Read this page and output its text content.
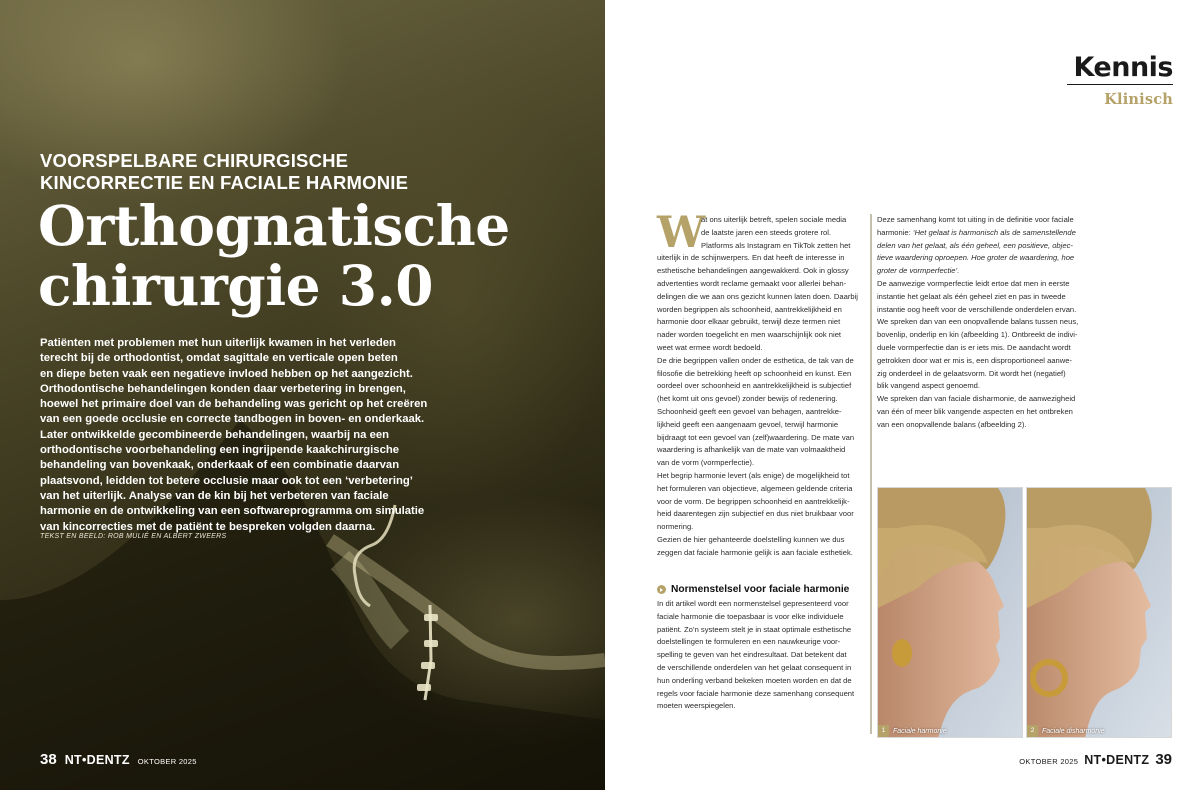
VOORSPELBARE CHIRURGISCHE
KINCORRECTIE EN FACIALE HARMONIE
Orthognatische
chirurgie 3.0

Patiënten met problemen met hun uiterlijk kwamen in het verleden
terecht bij de orthodontist, omdat sagittale en verticale open beten
en diepe beten vaak een negatieve invloed hebben op het aangezicht.
Orthodontische behandelingen konden daar verbetering in brengen,
hoewel het primaire doel van de behandeling was gericht op het creëren
van een goede occlusie en correcte tandbogen in boven- en onderkaak.
Later ontwikkelde gecombineerde behandelingen, waarbij na een
orthodontische voorbehandeling een ingrijpende kaakchirurgische
behandeling van bovenkaak, onderkaak of een combinatie daarvan
plaatsvond, leidden tot betere occlusie maar ook tot een ‘verbetering’
van het uiterlijk. Analyse van de kin bij het verbeteren van faciale
harmonie en de ontwikkeling van een softwareprogramma om simulatie
van kincorrecties met de patiënt te bespreken volgden daarna.

TEKST EN BEELD: ROB MULIÉ EN ALBERT ZWEERS

38 NT•DENTZ OKTOBER 2025
Kennis
Klinisch

W

at ons uiterlijk betreft, spelen sociale media
de laatste jaren een steeds grotere rol.
Platforms als Instagram en TikTok zetten het
uiterlijk in de schijnwerpers. En dat heeft de interesse in
esthetische behandelingen aangewakkerd. Ook in glossy
advertenties wordt reclame gemaakt voor allerlei behan-
delingen die we aan ons gezicht kunnen laten doen. Daarbij
worden begrippen als schoonheid, aantrekkelijkheid en
harmonie door elkaar gebruikt, terwijl deze termen niet
nader worden toegelicht en men waarschijnlijk ook niet
weet wat ermee wordt bedoeld.
De drie begrippen vallen onder de esthetica, de tak van de
filosofie die betrekking heeft op schoonheid en kunst. Een
oordeel over schoonheid en aantrekkelijkheid is subjectief
(het komt uit ons gevoel) zonder bewijs of redenering.
Schoonheid geeft een gevoel van behagen, aantrekke-
lijkheid geeft een aangenaam gevoel, terwijl harmonie
bijdraagt tot een gevoel van (zelf)waardering. De mate van
waardering is afhankelijk van de mate van volmaaktheid
van de vorm (vormperfectie).
Het begrip harmonie levert (als enige) de mogelijkheid tot
het formuleren van objectieve, algemeen geldende criteria
voor de vorm. De begrippen schoonheid en aantrekkelijk-
heid daarentegen zijn subjectief en dus niet bruikbaar voor
normering.
Gezien de hier gehanteerde doelstelling kunnen we dus
zeggen dat faciale harmonie gelijk is aan faciale esthetiek.
Normenstelsel voor faciale harmonie
In dit artikel wordt een normenstelsel gepresenteerd voor
faciale harmonie die toepasbaar is voor elke individuele
patiënt. Zo’n systeem stelt je in staat optimale esthetische
doelstellingen te formuleren en een nauwkeurige voor-
spelling te geven van het eindresultaat. Dat betekent dat
de verschillende onderdelen van het gelaat consequent in
hun onderling verband bekeken moeten worden en dat de
regels voor faciale harmonie deze samenhang consequent
moeten weerspiegelen.
Deze samenhang komt tot uiting in de definitie voor faciale
harmonie: ‘Het gelaat is harmonisch als de samenstellende
delen van het gelaat, als één geheel, een positieve, objec-
tieve waardering oproepen. Hoe groter de waardering, hoe
groter de vormperfectie’.
De aanwezige vormperfectie leidt ertoe dat men in eerste
instantie het gelaat als één geheel ziet en pas in tweede
instantie oog heeft voor de verschillende onderdelen ervan.
We spreken dan van een onopvallende balans tussen neus,
bovenlip, onderlip en kin (afbeelding 1). Ontbreekt de indivi-
duele vormperfectie dan is er iets mis. De aandacht wordt
getrokken door wat er mis is, een disproportioneel aanwe-
zig onderdeel in de gelaatsvorm. Dit wordt het (negatief)
blik vangend aspect genoemd.
We spreken dan van faciale disharmonie, de aanwezigheid
van één of meer blik vangende aspecten en het ontbreken
van een onopvallende balans (afbeelding 2).
1	Faciale harmonie	2	Faciale disharmonie
OKTOBER 2025 NT•DENTZ 39
